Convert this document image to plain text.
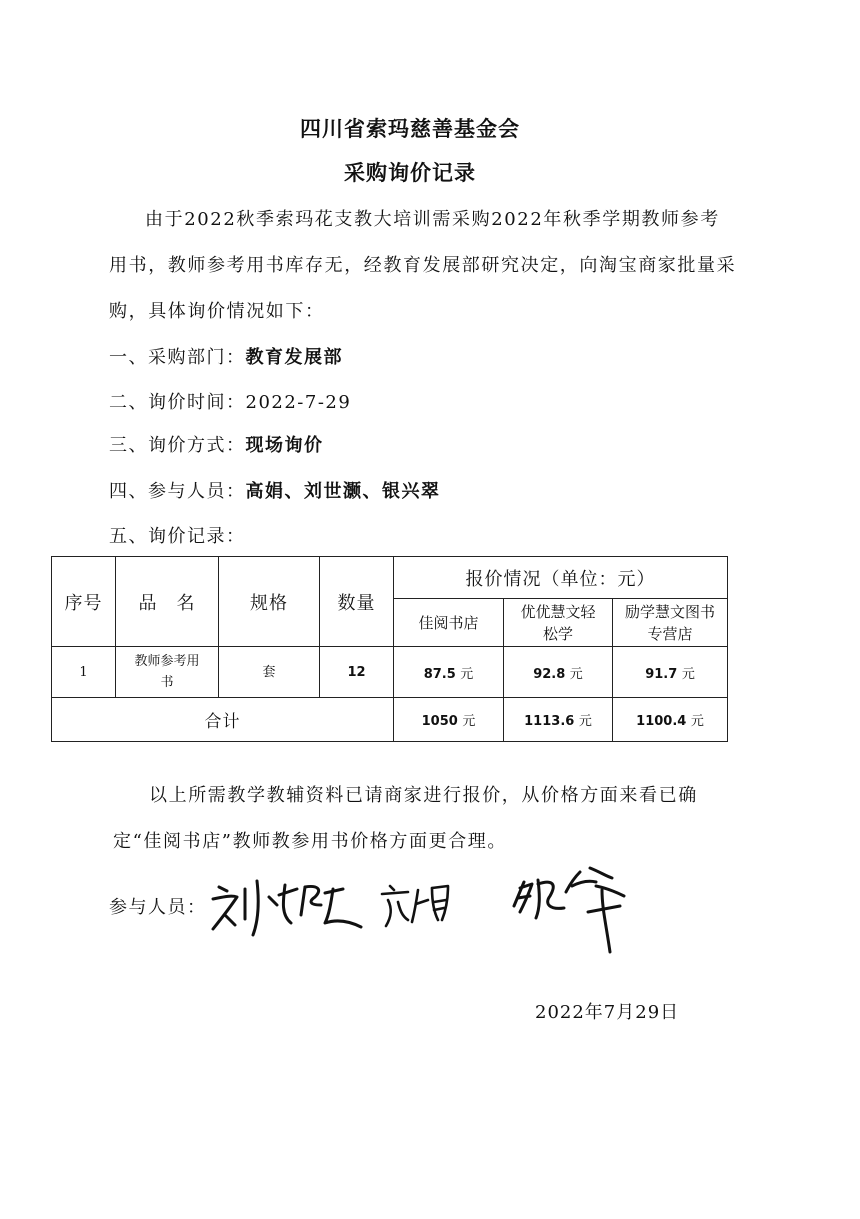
四川省索玛慈善基金会
采购询价记录
由于2022秋季索玛花支教大培训需采购2022年秋季学期教师参考用书，教师参考用书库存无，经教育发展部研究决定，向淘宝商家批量采购，具体询价情况如下：
一、采购部门：教育发展部
二、询价时间：2022-7-29
三、询价方式：现场询价
四、参与人员：高娟、刘世灏、银兴翠
五、询价记录：
序号	品　名	规格	数量	报价情况（单位：元）		
				佳阅书店	优优慧文轻松学	励学慧文图书专营店
1	教师参考用书	套	12	87.5 元	92.8 元	91.7 元
合计				1050 元	1113.6 元	1100.4 元
以上所需教学教辅资料已请商家进行报价，从价格方面来看已确定“佳阅书店”教师教参用书价格方面更合理。
参与人员：
2022年7月29日
